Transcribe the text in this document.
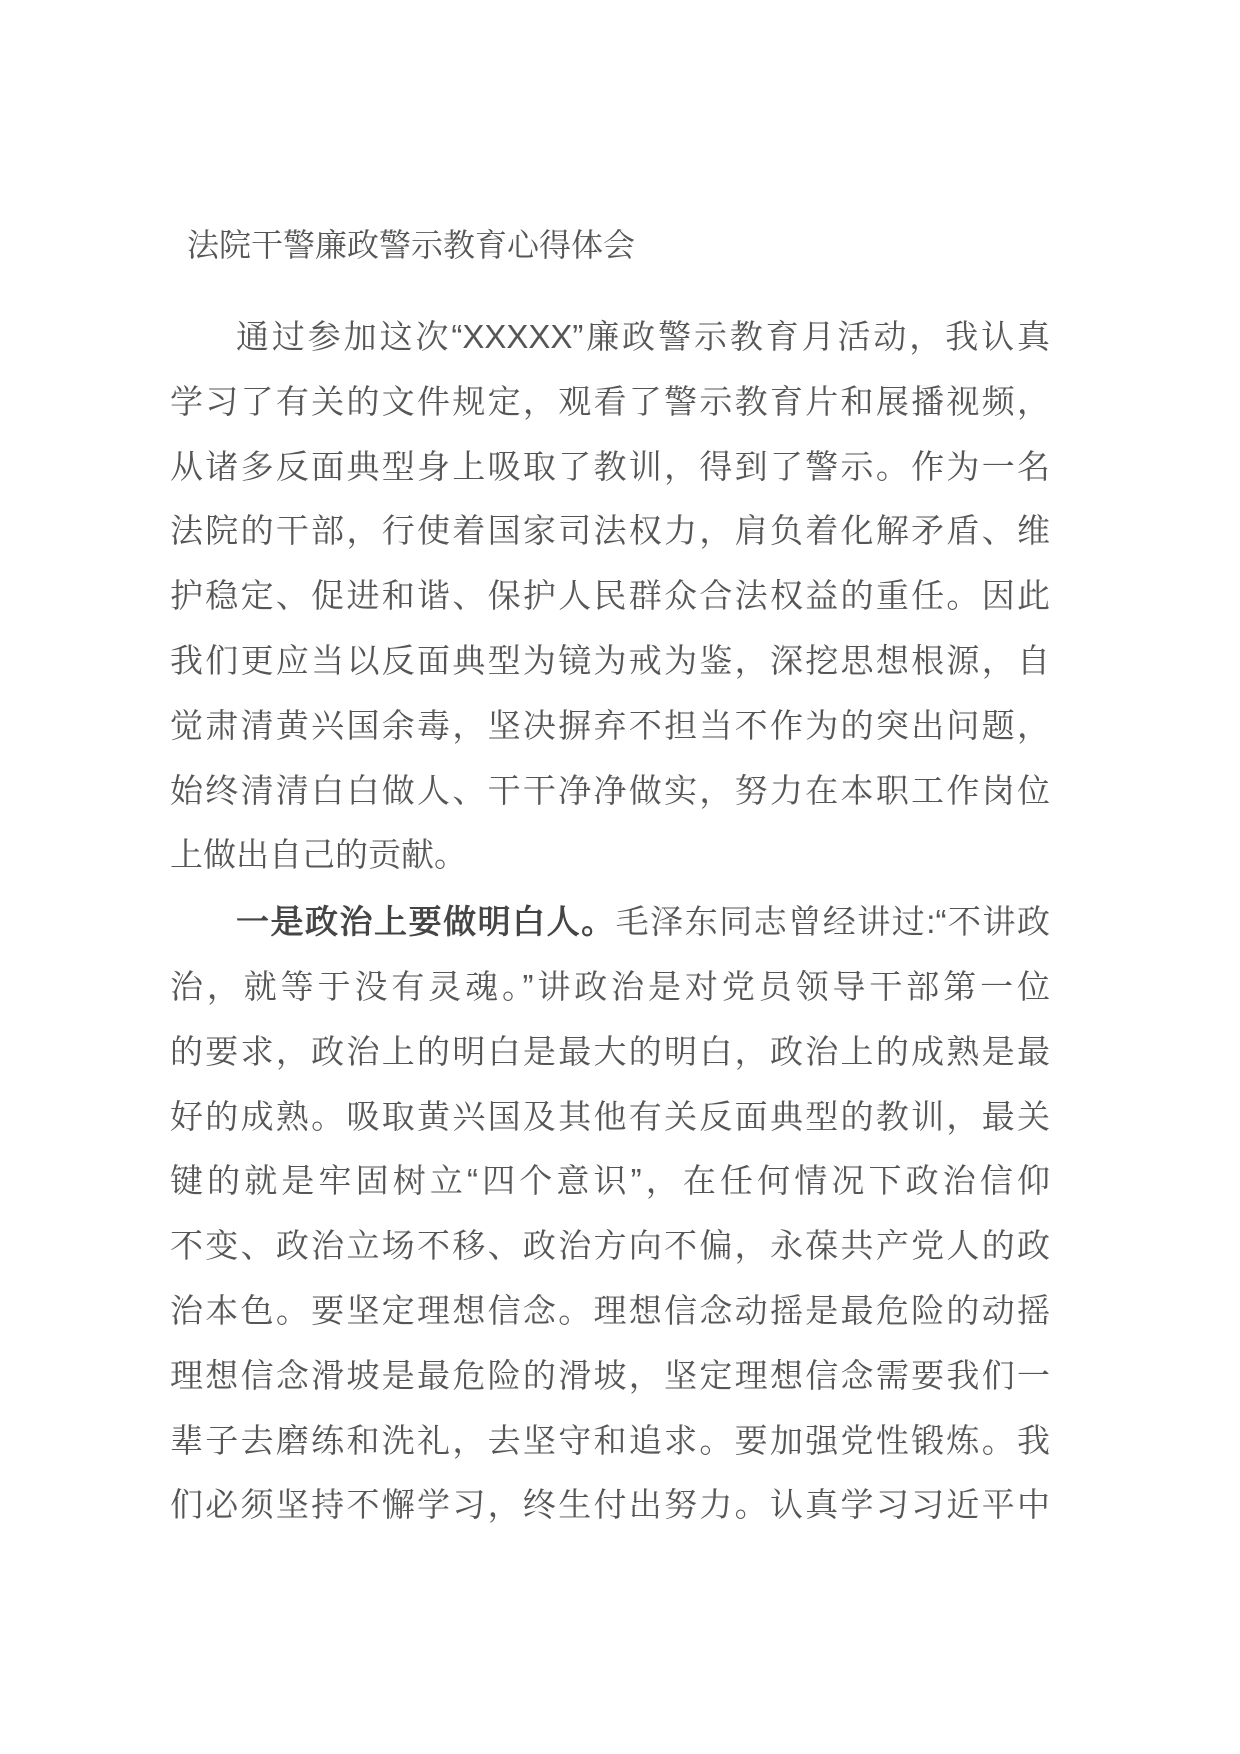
法院干警廉政警示教育心得体会
通过参加这次“XXXXX”廉政警示教育月活动，我认真
学习了有关的文件规定，观看了警示教育片和展播视频，
从诸多反面典型身上吸取了教训，得到了警示。作为一名
法院的干部，行使着国家司法权力，肩负着化解矛盾、维
护稳定、促进和谐、保护人民群众合法权益的重任。因此
我们更应当以反面典型为镜为戒为鉴，深挖思想根源，自
觉肃清黄兴国余毒，坚决摒弃不担当不作为的突出问题，
始终清清白白做人、干干净净做实，努力在本职工作岗位
上做出自己的贡献。
一是政治上要做明白人。毛泽东同志曾经讲过:“不讲政
治，就等于没有灵魂。”讲政治是对党员领导干部第一位
的要求，政治上的明白是最大的明白，政治上的成熟是最
好的成熟。吸取黄兴国及其他有关反面典型的教训，最关
键的就是牢固树立“四个意识”，在任何情况下政治信仰
不变、政治立场不移、政治方向不偏，永葆共产党人的政
治本色。要坚定理想信念。理想信念动摇是最危险的动摇
理想信念滑坡是最危险的滑坡，坚定理想信念需要我们一
辈子去磨练和洗礼，去坚守和追求。要加强党性锻炼。我
们必须坚持不懈学习，终生付出努力。认真学习习近平中
